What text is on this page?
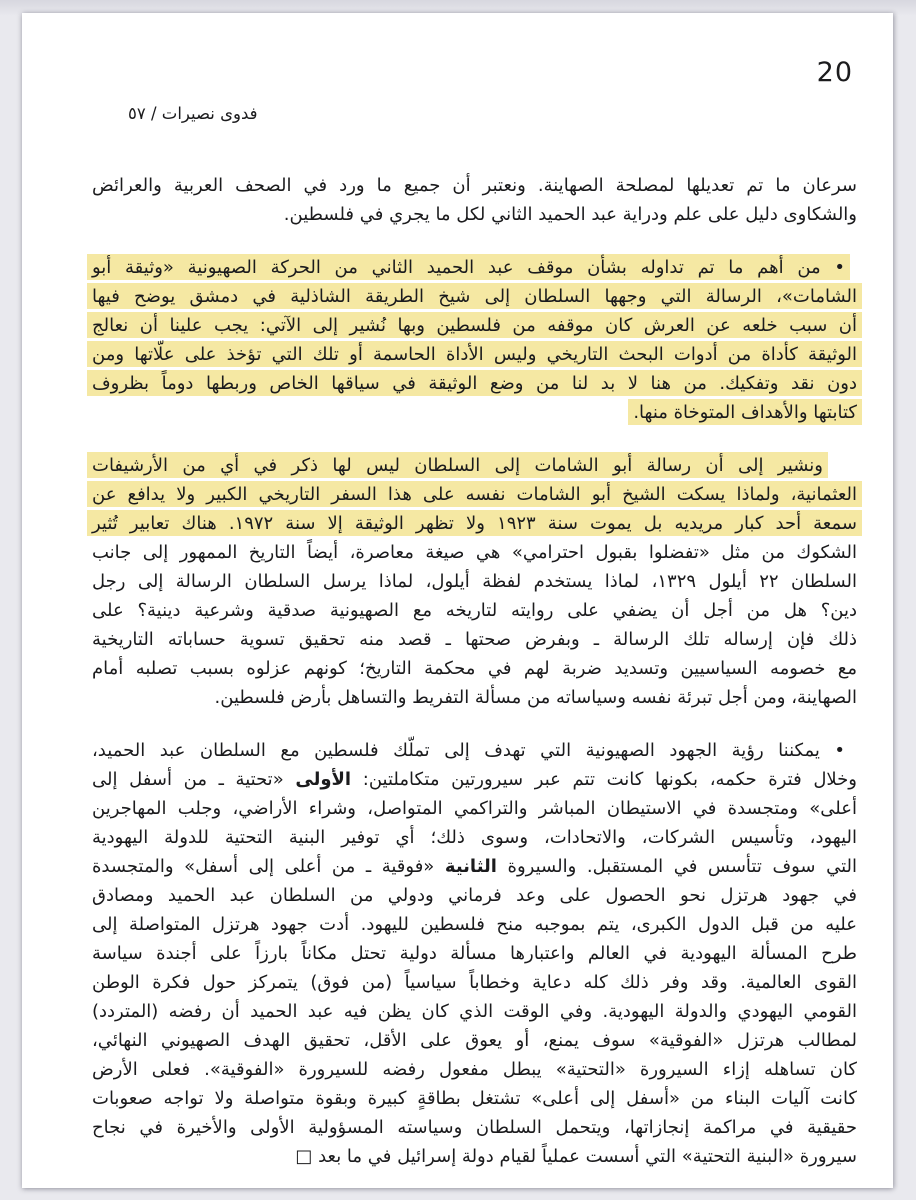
20
فدوى نصيرات / ٥٧
سرعان ما تم تعديلها لمصلحة الصهاينة. ونعتبر أن جميع ما ورد في الصحف العربية والعرائض
والشكاوى دليل على علم ودراية عبد الحميد الثاني لكل ما يجري في فلسطين.
• من أهم ما تم تداوله بشأن موقف عبد الحميد الثاني من الحركة الصهيونية «وثيقة أبو
الشامات»، الرسالة التي وجهها السلطان إلى شيخ الطريقة الشاذلية في دمشق يوضح فيها
أن سبب خلعه عن العرش كان موقفه من فلسطين وبها نُشير إلى الآتي: يجب علينا أن نعالج
الوثيقة كأداة من أدوات البحث التاريخي وليس الأداة الحاسمة أو تلك التي تؤخذ على علّاتها ومن
دون نقد وتفكيك. من هنا لا بد لنا من وضع الوثيقة في سياقها الخاص وربطها دوماً بظروف
كتابتها والأهداف المتوخاة منها.
ونشير إلى أن رسالة أبو الشامات إلى السلطان ليس لها ذكر في أي من الأرشيفات
العثمانية، ولماذا يسكت الشيخ أبو الشامات نفسه على هذا السفر التاريخي الكبير ولا يدافع عن
سمعة أحد كبار مريديه بل يموت سنة ١٩٢٣ ولا تظهر الوثيقة إلا سنة ١٩٧٢. هناك تعابير تُثير
الشكوك من مثل «تفضلوا بقبول احترامي» هي صيغة معاصرة، أيضاً التاريخ الممهور إلى جانب
السلطان ٢٢ أيلول ١٣٢٩، لماذا يستخدم لفظة أيلول، لماذا يرسل السلطان الرسالة إلى رجل
دين؟ هل من أجل أن يضفي على روايته لتاريخه مع الصهيونية صدقية وشرعية دينية؟ على
ذلك فإن إرساله تلك الرسالة ـ وبفرض صحتها ـ قصد منه تحقيق تسوية حساباته التاريخية
مع خصومه السياسيين وتسديد ضربة لهم في محكمة التاريخ؛ كونهم عزلوه بسبب تصلبه أمام
الصهاينة، ومن أجل تبرئة نفسه وسياساته من مسألة التفريط والتساهل بأرض فلسطين.
• يمكننا رؤية الجهود الصهيونية التي تهدف إلى تملّك فلسطين مع السلطان عبد الحميد،
وخلال فترة حكمه، بكونها كانت تتم عبر سيرورتين متكاملتين: الأولى «تحتية ـ من أسفل إلى
أعلى» ومتجسدة في الاستيطان المباشر والتراكمي المتواصل، وشراء الأراضي، وجلب المهاجرين
اليهود، وتأسيس الشركات، والاتحادات، وسوى ذلك؛ أي توفير البنية التحتية للدولة اليهودية
التي سوف تتأسس في المستقبل. والسيروة الثانية «فوقية ـ من أعلى إلى أسفل» والمتجسدة
في جهود هرتزل نحو الحصول على وعد فرماني ودولي من السلطان عبد الحميد ومصادق
عليه من قبل الدول الكبرى، يتم بموجبه منح فلسطين لليهود. أدت جهود هرتزل المتواصلة إلى
طرح المسألة اليهودية في العالم واعتبارها مسألة دولية تحتل مكاناً بارزاً على أجندة سياسة
القوى العالمية. وقد وفر ذلك كله دعاية وخطاباً سياسياً (من فوق) يتمركز حول فكرة الوطن
القومي اليهودي والدولة اليهودية. وفي الوقت الذي كان يظن فيه عبد الحميد أن رفضه (المتردد)
لمطالب هرتزل «الفوقية» سوف يمنع، أو يعوق على الأقل، تحقيق الهدف الصهيوني النهائي،
كان تساهله إزاء السيرورة «التحتية» يبطل مفعول رفضه للسيرورة «الفوقية». فعلى الأرض
كانت آليات البناء من «أسفل إلى أعلى» تشتغل بطاقةٍ كبيرة وبقوة متواصلة ولا تواجه صعوبات
حقيقية في مراكمة إنجازاتها، ويتحمل السلطان وسياسته المسؤولية الأولى والأخيرة في نجاح
سيرورة «البنية التحتية» التي أسست عملياً لقيام دولة إسرائيل في ما بعد □
